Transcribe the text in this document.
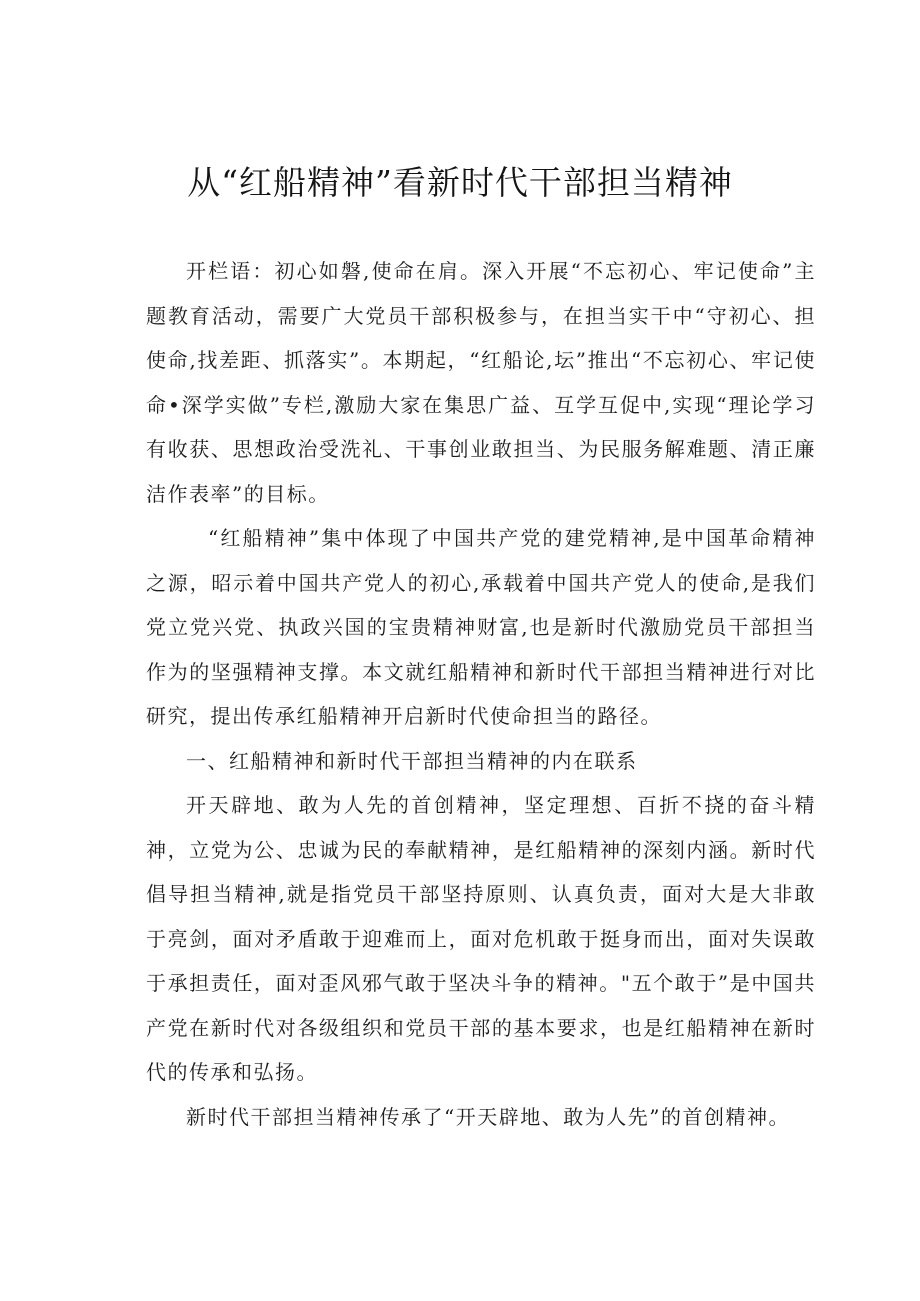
从“红船精神”看新时代干部担当精神

开栏语：初心如磐,使命在肩。深入开展“不忘初心、牢记使命”主题教育活动，需要广大党员干部积极参与，在担当实干中“守初心、担使命,找差距、抓落实”。本期起，“红船论,坛”推出“不忘初心、牢记使命•深学实做”专栏,激励大家在集思广益、互学互促中,实现“理论学习有收获、思想政治受洗礼、干事创业敢担当、为民服务解难题、清正廉洁作表率”的目标。

“红船精神”集中体现了中国共产党的建党精神,是中国革命精神之源，昭示着中国共产党人的初心,承载着中国共产党人的使命,是我们党立党兴党、执政兴国的宝贵精神财富,也是新时代激励党员干部担当作为的坚强精神支撑。本文就红船精神和新时代干部担当精神进行对比研究，提出传承红船精神开启新时代使命担当的路径。

一、红船精神和新时代干部担当精神的内在联系

开天辟地、敢为人先的首创精神，坚定理想、百折不挠的奋斗精神，立党为公、忠诚为民的奉献精神，是红船精神的深刻内涵。新时代倡导担当精神,就是指党员干部坚持原则、认真负责，面对大是大非敢于亮剑，面对矛盾敢于迎难而上，面对危机敢于挺身而出，面对失误敢于承担责任，面对歪风邪气敢于坚决斗争的精神。"五个敢于”是中国共产党在新时代对各级组织和党员干部的基本要求，也是红船精神在新时代的传承和弘扬。

新时代干部担当精神传承了“开天辟地、敢为人先”的首创精神。
